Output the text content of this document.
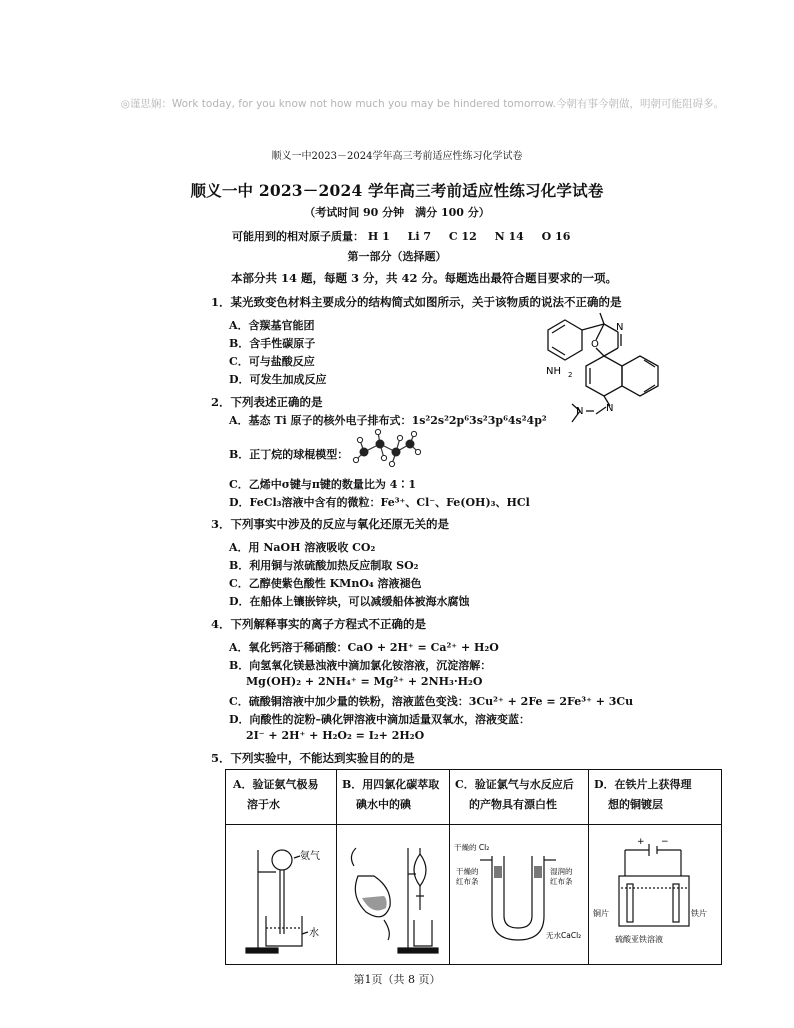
◎谨思娴：Work today, for you know not how much you may be hindered tomorrow.今朝有事今朝做，明朝可能阻碍多。
顺义一中2023－2024学年高三考前适应性练习化学试卷
顺义一中 2023－2024 学年高三考前适应性练习化学试卷
（考试时间 90 分钟　满分 100 分）
可能用到的相对原子质量： H 1 Li 7 C 12 N 14 O 16
第一部分（选择题）
本部分共 14 题，每题 3 分，共 42 分。每题选出最符合题目要求的一项。
1．某光致变色材料主要成分的结构简式如图所示，关于该物质的说法不正确的是
A．含羰基官能团
B．含手性碳原子
C．可与盐酸反应
D．可发生加成反应
NH 2
O
N
N
N
2．下列表述正确的是
A．基态 Ti 原子的核外电子排布式：1s²2s²2p⁶3s²3p⁶4s²4p²
B．正丁烷的球棍模型：
C．乙烯中σ键与π键的数量比为 4∶1
D．FeCl₃溶液中含有的微粒：Fe³⁺、Cl⁻、Fe(OH)₃、HCl
3．下列事实中涉及的反应与氧化还原无关的是
A．用 NaOH 溶液吸收 CO₂
B．利用铜与浓硫酸加热反应制取 SO₂
C．乙醇使紫色酸性 KMnO₄ 溶液褪色
D．在船体上镶嵌锌块，可以减缓船体被海水腐蚀
4．下列解释事实的离子方程式不正确的是
A．氧化钙溶于稀硝酸：CaO + 2H⁺ = Ca²⁺ + H₂O
B．向氢氧化镁悬浊液中滴加氯化铵溶液，沉淀溶解：
Mg(OH)₂ + 2NH₄⁺ = Mg²⁺ + 2NH₃·H₂O
C．硫酸铜溶液中加少量的铁粉，溶液蓝色变浅：3Cu²⁺ + 2Fe = 2Fe³⁺ + 3Cu
D．向酸性的淀粉–碘化钾溶液中滴加适量双氧水，溶液变蓝：
2I⁻ + 2H⁺ + H₂O₂ = I₂+ 2H₂O
5．下列实验中，不能达到实验目的的是
A．验证氨气极易
溶于水
B．用四氯化碳萃取
碘水中的碘
C．验证氯气与水反应后
的产物具有漂白性
D．在铁片上获得理
想的铜镀层
氨气
水
干燥的 Cl₂
干燥的
红布条
湿润的
红布条
无水CaCl₂
+ −
铜片	铁片
硫酸亚铁溶液
第1页（共 8 页）
